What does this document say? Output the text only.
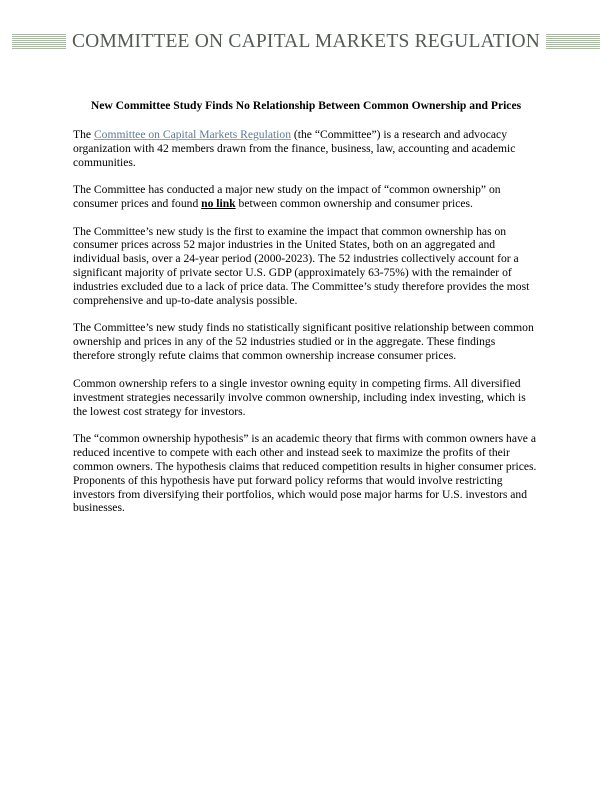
COMMITTEE ON CAPITAL MARKETS REGULATION
New Committee Study Finds No Relationship Between Common Ownership and Prices

The Committee on Capital Markets Regulation (the “Committee”) is a research and advocacy organization with 42 members drawn from the finance, business, law, accounting and academic communities.

The Committee has conducted a major new study on the impact of “common ownership” on consumer prices and found no link between common ownership and consumer prices.

The Committee’s new study is the first to examine the impact that common ownership has on consumer prices across 52 major industries in the United States, both on an aggregated and individual basis, over a 24-year period (2000-2023). The 52 industries collectively account for a significant majority of private sector U.S. GDP (approximately 63-75%) with the remainder of industries excluded due to a lack of price data. The Committee’s study therefore provides the most comprehensive and up-to-date analysis possible.

The Committee’s new study finds no statistically significant positive relationship between common ownership and prices in any of the 52 industries studied or in the aggregate. These findings therefore strongly refute claims that common ownership increase consumer prices.

Common ownership refers to a single investor owning equity in competing firms. All diversified investment strategies necessarily involve common ownership, including index investing, which is the lowest cost strategy for investors.

The “common ownership hypothesis” is an academic theory that firms with common owners have a reduced incentive to compete with each other and instead seek to maximize the profits of their common owners. The hypothesis claims that reduced competition results in higher consumer prices. Proponents of this hypothesis have put forward policy reforms that would involve restricting investors from diversifying their portfolios, which would pose major harms for U.S. investors and businesses.
